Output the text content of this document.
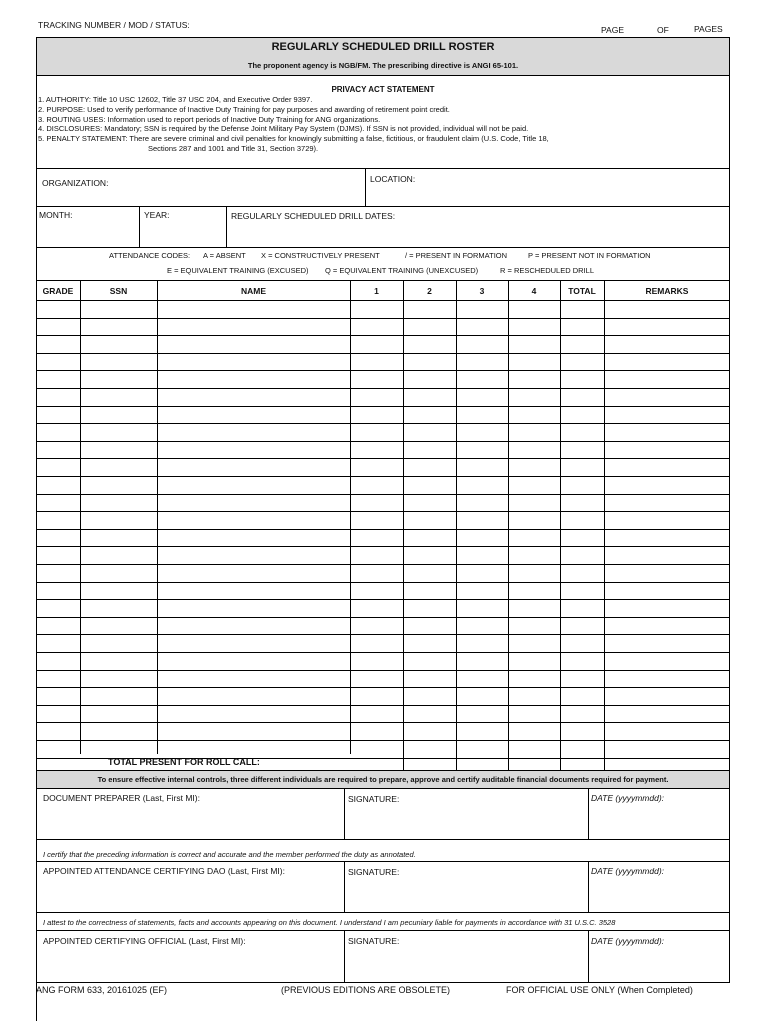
TRACKING NUMBER / MOD / STATUS:	PAGE	OF	PAGES
REGULARLY SCHEDULED DRILL ROSTER
The proponent agency is NGB/FM. The prescribing directive is ANGI 65-101.
PRIVACY ACT STATEMENT
1. AUTHORITY: Title 10 USC 12602, Title 37 USC 204, and Executive Order 9397.
2. PURPOSE: Used to verify performance of Inactive Duty Training for pay purposes and awarding of retirement point credit.
3. ROUTING USES: Information used to report periods of Inactive Duty Training for ANG organizations.
4. DISCLOSURES: Mandatory; SSN is required by the Defense Joint Military Pay System (DJMS). If SSN is not provided, individual will not be paid.
5. PENALTY STATEMENT: There are severe criminal and civil penalties for knowingly submitting a false, fictitious, or fraudulent claim (U.S. Code, Title 18,
Sections 287 and 1001 and Title 31, Section 3729).
ORGANIZATION:	LOCATION:
MONTH:	YEAR:	REGULARLY SCHEDULED DRILL DATES:
ATTENDANCE CODES: A = ABSENT X = CONSTRUCTIVELY PRESENT	/ = PRESENT IN FORMATION	P = PRESENT NOT IN FORMATION
E = EQUIVALENT TRAINING (EXCUSED) Q = EQUIVALENT TRAINING (UNEXCUSED)	R = RESCHEDULED DRILL
GRADE	SSN	NAME	1	2	3	4	TOTAL	REMARKS
TOTAL PRESENT FOR ROLL CALL:
To ensure effective internal controls, three different individuals are required to prepare, approve and certify auditable financial documents required for payment.
DOCUMENT PREPARER (Last, First MI):	SIGNATURE:	DATE (yyyymmdd):
I certify that the preceding information is correct and accurate and the member performed the duty as annotated.
APPOINTED ATTENDANCE CERTIFYING DAO (Last, First MI):	SIGNATURE:	DATE (yyyymmdd):
I attest to the correctness of statements, facts and accounts appearing on this document. I understand I am pecuniary liable for payments in accordance with 31 U.S.C. 3528
APPOINTED CERTIFYING OFFICIAL (Last, First MI):	SIGNATURE:	DATE (yyyymmdd):
ANG FORM 633, 20161025 (EF)	(PREVIOUS EDITIONS ARE OBSOLETE)	FOR OFFICIAL USE ONLY (When Completed)
